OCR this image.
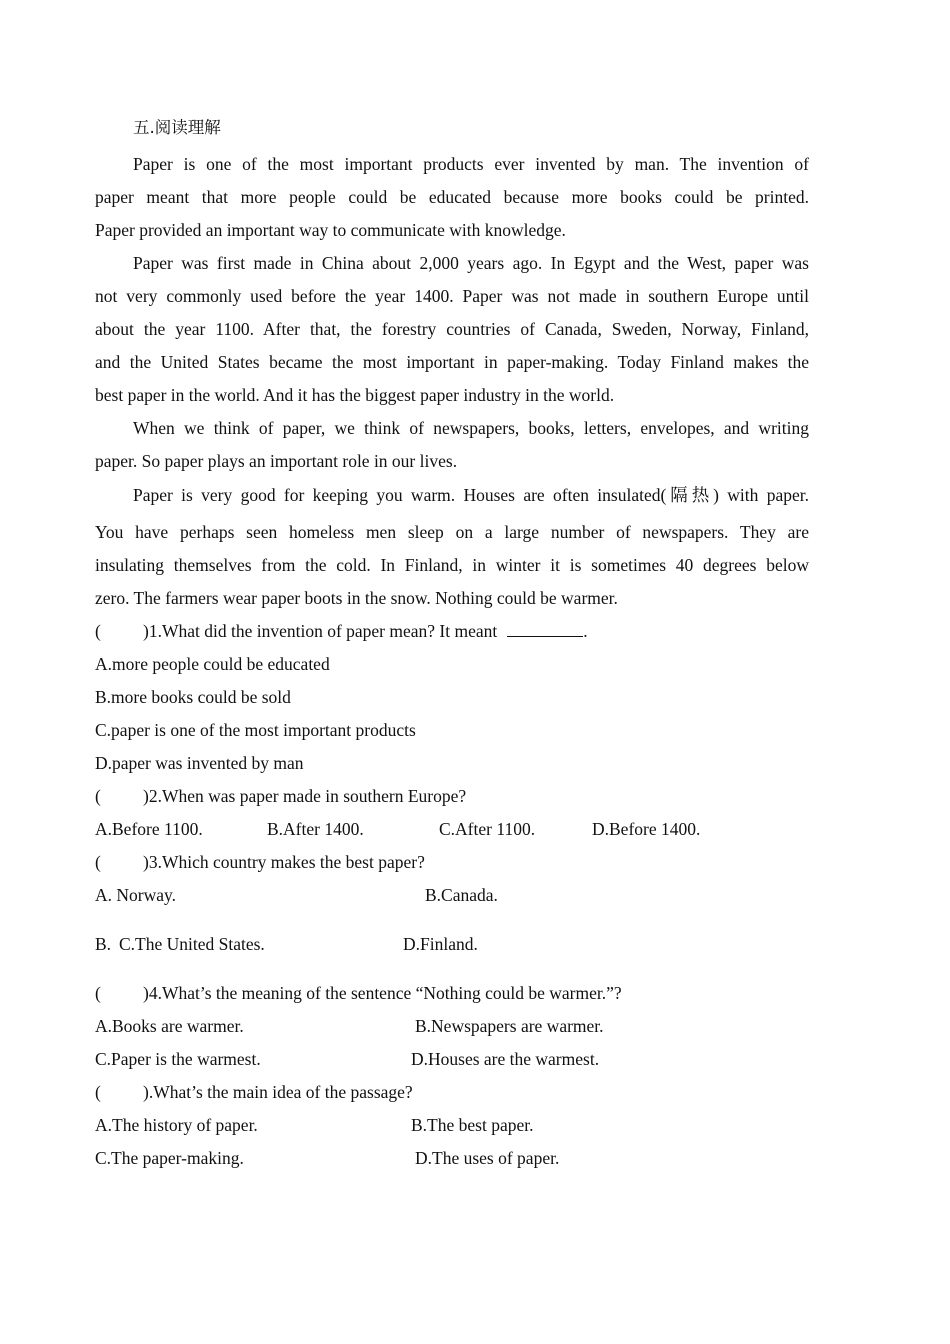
五.阅读理解
Paper is one of the most important products ever invented by man. The invention of
paper meant that more people could be educated because more books could be printed.
Paper provided an important way to communicate with knowledge.
Paper was first made in China about 2,000 years ago. In Egypt and the West, paper was
not very commonly used before the year 1400. Paper was not made in southern Europe until
about the year 1100. After that, the forestry countries of Canada, Sweden, Norway, Finland,
and the United States became the most important in paper-making. Today Finland makes the
best paper in the world. And it has the biggest paper industry in the world.
When we think of paper, we think of newspapers, books, letters, envelopes, and writing
paper. So paper plays an important role in our lives.
Paper is very good for keeping you warm. Houses are often insulated(隔热) with paper.
You have perhaps seen homeless men sleep on a large number of newspapers. They are
insulating themselves from the cold. In Finland, in winter it is sometimes 40 degrees below
zero. The farmers wear paper boots in the snow. Nothing could be warmer.
( )1.What did the invention of paper mean? It meant	.
A.more people could be educated
B.more books could be sold
C.paper is one of the most important products
D.paper was invented by man
( )2.When was paper made in southern Europe?
A.Before 1100.	B.After 1400.	C.After 1100.	D.Before 1400.
( )3.Which country makes the best paper?
A. Norway.	B.Canada.
B. C.The United States.	D.Finland.
( )4.What’s the meaning of the sentence “Nothing could be warmer.”?
A.Books are warmer.	B.Newspapers are warmer.
C.Paper is the warmest.	D.Houses are the warmest.
( ).What’s the main idea of the passage?
A.The history of paper.	B.The best paper.
C.The paper-making.	D.The uses of paper.
